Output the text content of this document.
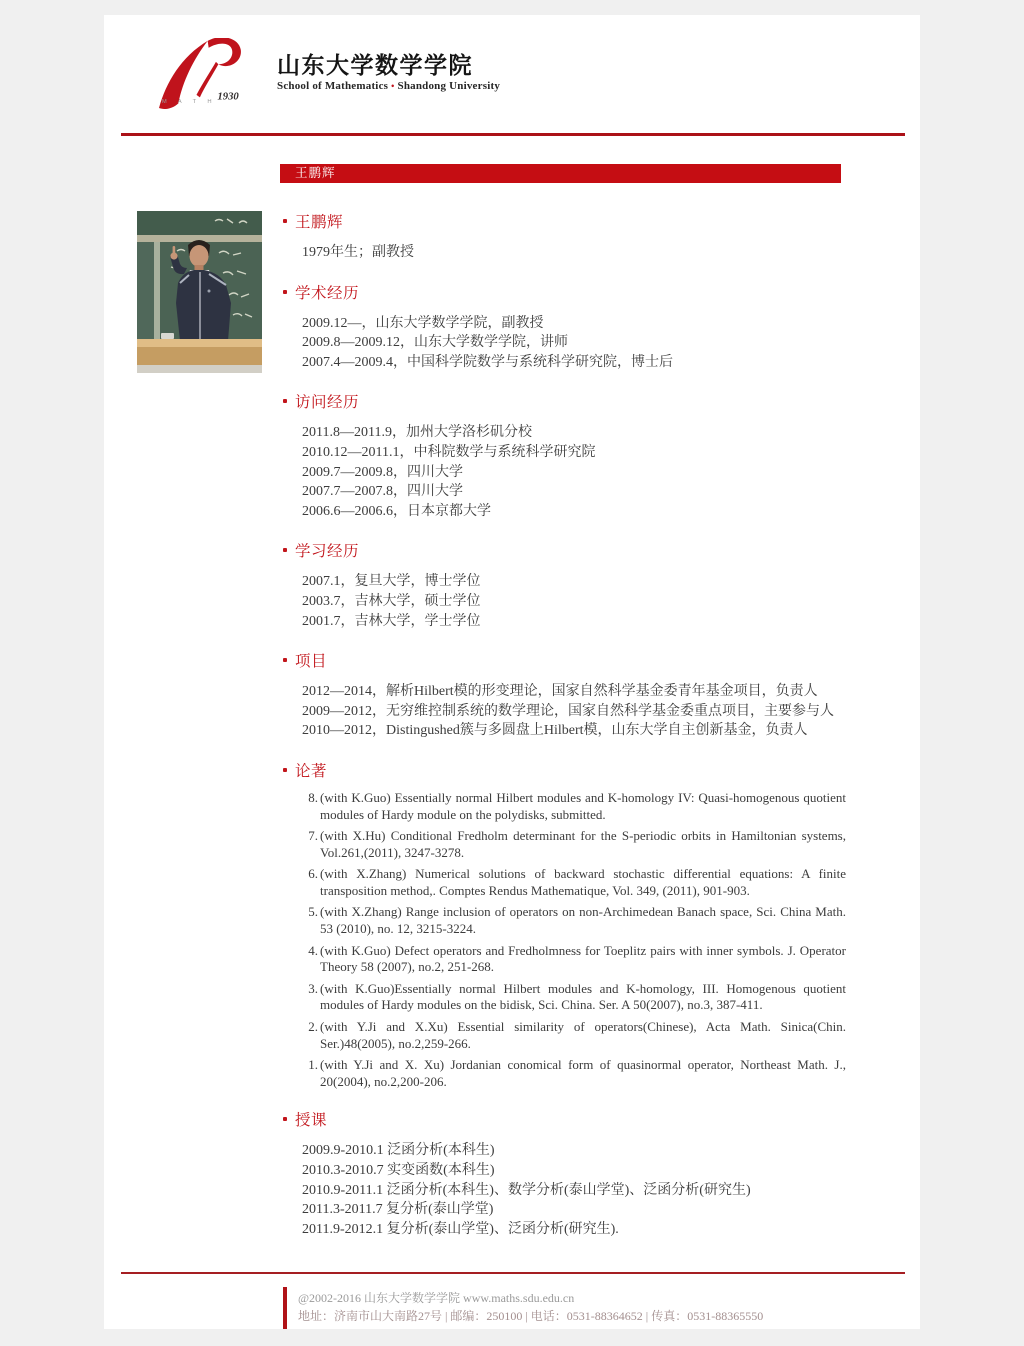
1930
M A T H
山东大学数学学院
School of Mathematics • Shandong University
王鹏辉
王鹏辉
1979年生；副教授
学术经历
2009.12—，山东大学数学学院，副教授
2009.8—2009.12，山东大学数学学院，讲师
2007.4—2009.4，中国科学院数学与系统科学研究院，博士后
访问经历
2011.8—2011.9，加州大学洛杉矶分校
2010.12—2011.1，中科院数学与系统科学研究院
2009.7—2009.8，四川大学
2007.7—2007.8，四川大学
2006.6—2006.6，日本京都大学
学习经历
2007.1，复旦大学，博士学位
2003.7，吉林大学，硕士学位
2001.7，吉林大学，学士学位
项目
2012—2014，解析Hilbert模的形变理论，国家自然科学基金委青年基金项目，负责人
2009—2012，无穷维控制系统的数学理论，国家自然科学基金委重点项目，主要参与人
2010—2012，Distingushed簇与多圆盘上Hilbert模，山东大学自主创新基金，负责人
论著
8. (with K.Guo) Essentially normal Hilbert modules and K-homology IV: Quasi-homogenous quotient modules of Hardy module on the polydisks, submitted.
7. (with X.Hu) Conditional Fredholm determinant for the S-periodic orbits in Hamiltonian systems, Vol.261,(2011), 3247-3278.
6. (with X.Zhang) Numerical solutions of backward stochastic differential equations: A finite transposition method,. Comptes Rendus Mathematique, Vol. 349, (2011), 901-903.
5. (with X.Zhang) Range inclusion of operators on non-Archimedean Banach space, Sci. China Math. 53 (2010), no. 12, 3215-3224.
4. (with K.Guo) Defect operators and Fredholmness for Toeplitz pairs with inner symbols. J. Operator Theory 58 (2007), no.2, 251-268.
3. (with K.Guo)Essentially normal Hilbert modules and K-homology, III. Homogenous quotient modules of Hardy modules on the bidisk, Sci. China. Ser. A 50(2007), no.3, 387-411.
2. (with Y.Ji and X.Xu) Essential similarity of operators(Chinese), Acta Math. Sinica(Chin. Ser.)48(2005), no.2,259-266.
1. (with Y.Ji and X. Xu) Jordanian conomical form of quasinormal operator, Northeast Math. J., 20(2004), no.2,200-206.
授课
2009.9-2010.1 泛函分析(本科生)
2010.3-2010.7 实变函数(本科生)
2010.9-2011.1 泛函分析(本科生)、数学分析(泰山学堂)、泛函分析(研究生)
2011.3-2011.7 复分析(泰山学堂)
2011.9-2012.1 复分析(泰山学堂)、泛函分析(研究生).
@2002-2016 山东大学数学学院 www.maths.sdu.edu.cn
地址：济南市山大南路27号 | 邮编：250100 | 电话：0531-88364652 | 传真：0531-88365550
